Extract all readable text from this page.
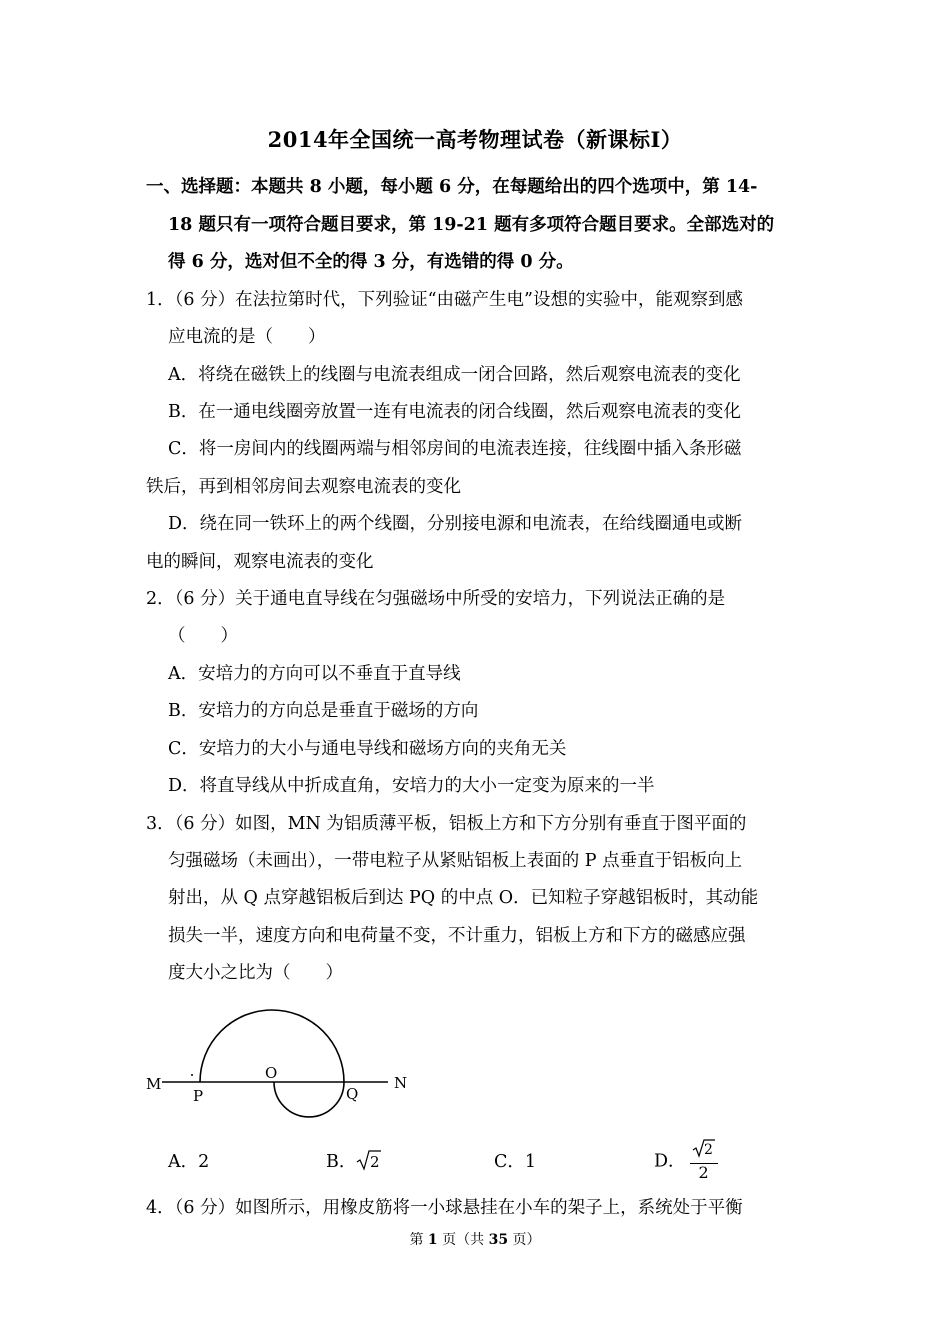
2014年全国统一高考物理试卷（新课标I）
一、选择题：本题共 8 小题，每小题 6 分，在每题给出的四个选项中，第 14-
18 题只有一项符合题目要求，第 19-21 题有多项符合题目要求。全部选对的
得 6 分，选对但不全的得 3 分，有选错的得 0 分。
1．（6 分）在法拉第时代，下列验证“由磁产生电”设想的实验中，能观察到感
应电流的是（　　）
A．将绕在磁铁上的线圈与电流表组成一闭合回路，然后观察电流表的变化
B．在一通电线圈旁放置一连有电流表的闭合线圈，然后观察电流表的变化
C．将一房间内的线圈两端与相邻房间的电流表连接，往线圈中插入条形磁
铁后，再到相邻房间去观察电流表的变化
D．绕在同一铁环上的两个线圈，分别接电源和电流表，在给线圈通电或断
电的瞬间，观察电流表的变化
2．（6 分）关于通电直导线在匀强磁场中所受的安培力，下列说法正确的是
（　　）
A．安培力的方向可以不垂直于直导线
B．安培力的方向总是垂直于磁场的方向
C．安培力的大小与通电导线和磁场方向的夹角无关
D．将直导线从中折成直角，安培力的大小一定变为原来的一半
3．（6 分）如图，MN 为铝质薄平板，铝板上方和下方分别有垂直于图平面的
匀强磁场（未画出），一带电粒子从紧贴铝板上表面的 P 点垂直于铝板向上
射出，从 Q 点穿越铝板后到达 PQ 的中点 O．已知粒子穿越铝板时，其动能
损失一半，速度方向和电荷量不变，不计重力，铝板上方和下方的磁感应强
度大小之比为（　　）
M	N
P
O
Q
A．2	B． 2	C．1	D． $\frac{2}{2}$
4．（6 分）如图所示，用橡皮筋将一小球悬挂在小车的架子上，系统处于平衡
第 1 页（共 35 页）
